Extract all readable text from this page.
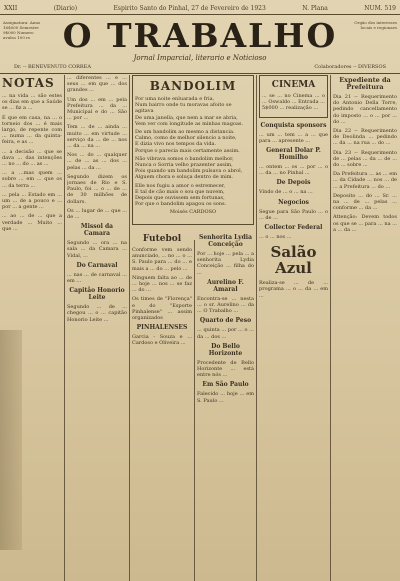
XXII	(Diario)	Espirito Santo do Pinhal, 27 de Fevereiro de 1923	N. Plana	NUM. 519
Assignatura: Anno 16$000 Semestre 9$000 Numero avulso 100 rs O TRABALHO
Jornal Imparcial, literario e Noticioso
Orgão dos interesses locais e regionaes
Dr. -- BENEVENUTO CORREA	Colaboradores -- DIVERSOS
NOTAS

... na vida ... são estes os dias em que a Saúde se ... fiz a ...

É que em casa, na ... o torneio dos ... é mais largo, de repente com ... numa ... da quinta-feira, e as ...

... a decisão ... que se dava ... das intenções ... no ... do ... as ...

... a ...mas quem ... sobre ... em ... que os ... da terra ...

... pela ... Estado em ... um ... de a pouco e ... por ... a gente ...

... ao ... de ... que a verdade ... Muito ... que ...

... diferentes ... e ... seus ... em que ... dos grandes ...

Um dos ... em ... pela Prefeitura ... da ... Municipal e do ... São ... por ...

Tem ... de ... ainda ... muito ... em virtude ... serviço da ... de ... nos ... da ... na ...

Nos ... do ... qualquer ... de ... as ... dos ... pelas ... da ...

Segundo dizem os jornaes de Rio e S. Paulo, foi ... o ... de ... de 30 milhões de dollars.

Os ... lugar de ... que ... de ...

Missol da Camara

Segundo ... ora ... na sala ... da Camara ... Vidal, ...

Do Carnaval

... nas ... de carnaval ... em ...

Capitão Honorio Leite

Segundo ... de ... chegou ... o ... capitão Honorio Leite ...

BANDOLIM
Por uma noite enluarada e fria,
Num bairro onde tu moravas afoito se agitava
De uma janella, que nem a mar se abria,
Vem ver com longitude as minhas magoas.
De um bandolim ao mesmo a distancia.
Calmo, como de melhor silencio a noite,
E dizia vivo nos tempos da vida.
Porque o parecia mais certamente assim.
Não vibrava somos o bandolim melhor,
Nunca o Sorria velho prazenter assim,
Pois quando um bandolim pulsava o abrol,
Alguem chora e soluça dentro de mim.
Elle nos fugiu a amor o estremecer,
E tal de cão mais o sou que nuvem,
Depois que ouvissem sem fortunas,
Por que o bandolim apagou os sons.
Moisés CARDOSO
Futebol

Conforme vem sendo anunciado, ... no ... o ... S. Paulo para ... do ... e mais a ... do ... pelo ...

Ninguem falta ao ... de ... hoje ... nos ... se faz ... do ...

Os times de "Florença" e do "Esporte Pinhalense" ... assim organizados

PINHALENSES

Garcia - Souza e ... Cardoso e Oliveira ...

Senhorita Lydia Conceição

Por ... hoje ... pela ... a senhorita Lydia Conceição ... filha do ...

Aurelino F. Amaral

Encontra-se ... nesta ... o sr. Aurelino ... da ... O Trabalho ...

Quarto de Peso

... quinta ... por ... o ... da ... dos ...

Do Bello Horizonte

Procedente de Bello Horizonte ... está entre nós ...

Em São Paulo

Falecido ... hoje ... em S. Paulo ...

CINEMA

... se ... no Cinema ... o ... Oswaldo ... Entrada ... 5$000 ... realização ...

Conquista sponsors

... um ... tem ... a ... que para ... apresente ...

General Dolar P. Homilho

... ontem ... os ... por ... o ... da ... no Pinhal ...

De Depois

Vindo de ... o ... na ...

Negocios

Segue para São Paulo ... o ... de ...

Collector Federal

... o ... nos ...

Salão Azul

Realiza-se ... de ... programa ... o ... da ... em ...

Expediente da Prefeitura

Dia 21 -- Requerimento do Antonio Della Torre, pedindo cancellamento do imposto ... o ... por ... do ...

Dia 22 -- Requerimento de Deolinda ... pedindo ... da ... na rua ... do ...

Dia 23 -- Requerimento de ... pelas ... da ... de ... do ... sobre ...

Da Prefeitura ... as ... em ... da Cidade ... nos ... de ... a Prefeitura ... do ...

Deposito ... do ... Sr. ... na ... de ... pelas ... conforme ... da ...

Attenção: Devem todos os que se ... para ... na ... a ... da ...
